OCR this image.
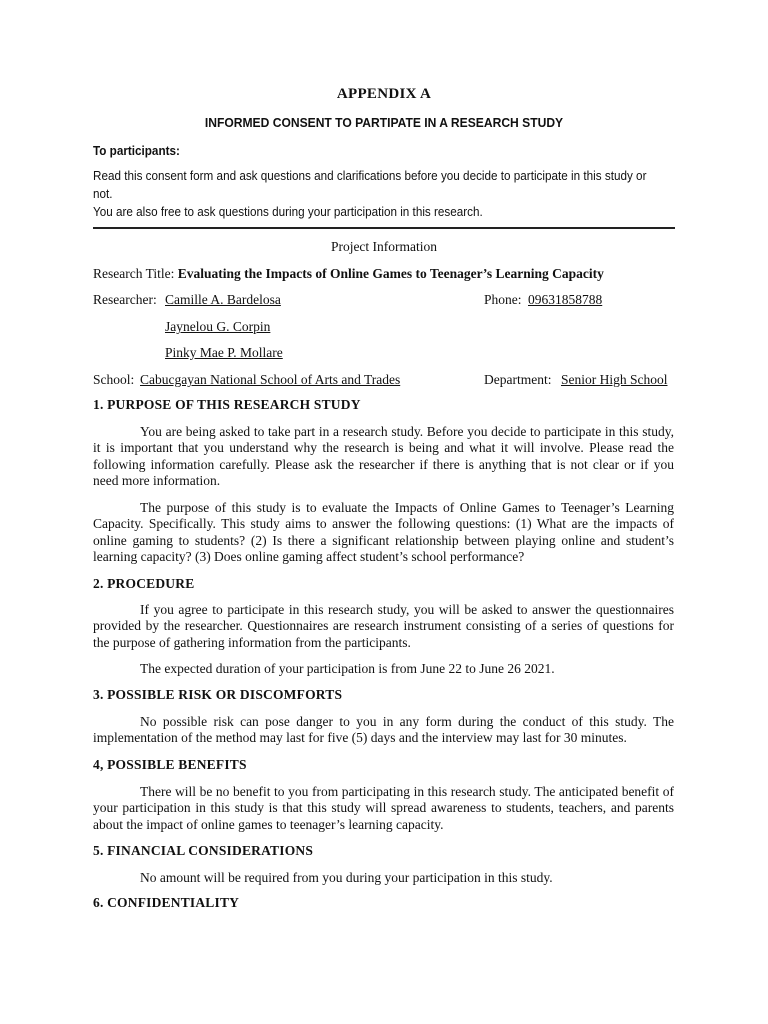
APPENDIX A
INFORMED CONSENT TO PARTIPATE IN A RESEARCH STUDY
To participants:

Read this consent form and ask questions and clarifications before you decide to participate in this study or not.

You are also free to ask questions during your participation in this research.

Project Information
Research Title: Evaluating the Impacts of Online Games to Teenager’s Learning Capacity
Researcher: Camille A. Bardelosa	Phone: 09631858788
Jaynelou G. Corpin
Pinky Mae P. Mollare
School: Cabucgayan National School of Arts and Trades	Department: Senior High School
1. PURPOSE OF THIS RESEARCH STUDY
You are being asked to take part in a research study. Before you decide to participate in this study, it is important that you understand why the research is being and what it will involve. Please read the following information carefully. Please ask the researcher if there is anything that is not clear or if you need more information.
The purpose of this study is to evaluate the Impacts of Online Games to Teenager’s Learning Capacity. Specifically. This study aims to answer the following questions: (1) What are the impacts of online gaming to students? (2) Is there a significant relationship between playing online and student’s learning capacity? (3) Does online gaming affect student’s school performance?
2. PROCEDURE
If you agree to participate in this research study, you will be asked to answer the questionnaires provided by the researcher. Questionnaires are research instrument consisting of a series of questions for the purpose of gathering information from the participants.
The expected duration of your participation is from June 22 to June 26 2021.
3. POSSIBLE RISK OR DISCOMFORTS
No possible risk can pose danger to you in any form during the conduct of this study. The implementation of the method may last for five (5) days and the interview may last for 30 minutes.
4, POSSIBLE BENEFITS
There will be no benefit to you from participating in this research study. The anticipated benefit of your participation in this study is that this study will spread awareness to students, teachers, and parents about the impact of online games to teenager’s learning capacity.
5. FINANCIAL CONSIDERATIONS
No amount will be required from you during your participation in this study.
6. CONFIDENTIALITY
